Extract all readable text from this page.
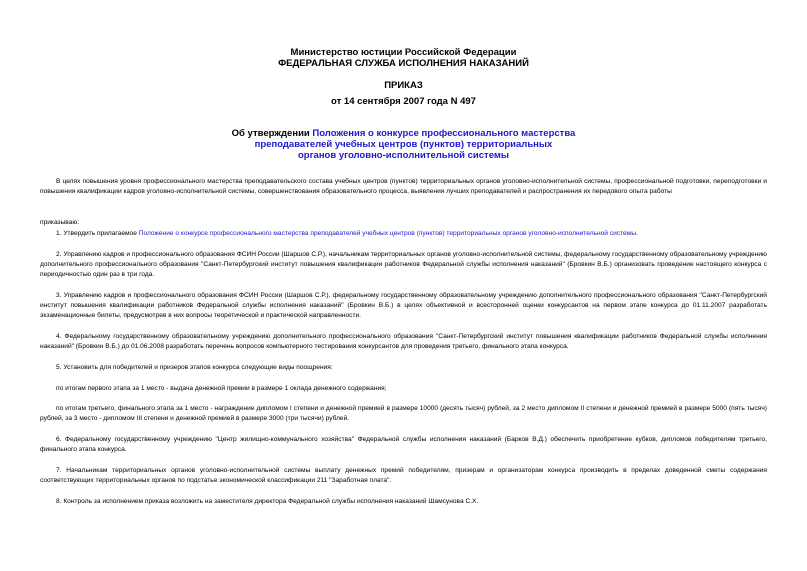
Министерство юстиции Российской Федерации
ФЕДЕРАЛЬНАЯ СЛУЖБА ИСПОЛНЕНИЯ НАКАЗАНИЙ
ПРИКАЗ
от 14 сентября 2007 года N 497
Об утверждении Положения о конкурсе профессионального мастерства
преподавателей учебных центров (пунктов) территориальных
органов уголовно-исполнительной системы
В целях повышения уровня профессионального мастерства преподавательского состава учебных центров (пунктов) территориальных органов уголовно-исполнительной системы, профессиональной подготовки, переподготовки и повышения квалификации кадров уголовно-исполнительной системы, совершенствования образовательного процесса, выявления лучших преподавателей и распространения их передового опыта работы
приказываю:
1. Утвердить прилагаемое Положение о конкурсе профессионального мастерства преподавателей учебных центров (пунктов) территориальных органов уголовно-исполнительной системы.
2. Управлению кадров и профессионального образования ФСИН России (Шаршов С.Р.), начальникам территориальных органов уголовно-исполнительной системы, федеральному государственному образовательному учреждению дополнительного профессионального образования "Санкт-Петербургский институт повышения квалификации работников Федеральной службы исполнения наказаний" (Бровкин В.Б.) организовать проведение настоящего конкурса с периодичностью один раз в три года.
3. Управлению кадров и профессионального образования ФСИН России (Шаршов С.Р.), федеральному государственному образовательному учреждению дополнительного профессионального образования "Санкт-Петербургский институт повышения квалификации работников Федеральной службы исполнения наказаний" (Бровкин В.Б.) в целях объективной и всесторонней оценки конкурсантов на первом этапе конкурса до 01.11.2007 разработать экзаменационные билеты, предусмотрев в них вопросы теоретической и практической направленности.
4. Федеральному государственному образовательному учреждению дополнительного профессионального образования "Санкт-Петербургский институт повышения квалификации работников Федеральной службы исполнения наказаний" (Бровкин В.Б.) до 01.06.2008 разработать перечень вопросов компьютерного тестирования конкурсантов для проведения третьего, финального этапа конкурса.
5. Установить для победителей и призеров этапов конкурса следующие виды поощрения:
по итогам первого этапа за 1 место - выдача денежной премии в размере 1 оклада денежного содержания;
по итогам третьего, финального этапа за 1 место - награждение дипломом I степени и денежной премией в размере 10000 (десять тысяч) рублей, за 2 место дипломом II степени и денежной премией в размере 5000 (пять тысяч) рублей, за 3 место - дипломом III степени и денежной премией в размере 3000 (три тысячи) рублей.
6. Федеральному государственному учреждению "Центр жилищно-коммунального хозяйства" Федеральной службы исполнения наказаний (Барков В.Д.) обеспечить приобретение кубков, дипломов победителям третьего, финального этапа конкурса.
7. Начальникам территориальных органов уголовно-исполнительной системы выплату денежных премий победителям, призерам и организаторам конкурса производить в пределах доведенной сметы содержания соответствующих территориальных органов по подстатье экономической классификации 211 "Заработная плата".
8. Контроль за исполнением приказа возложить на заместителя директора Федеральной службы исполнения наказаний Шамсунова С.Х.
